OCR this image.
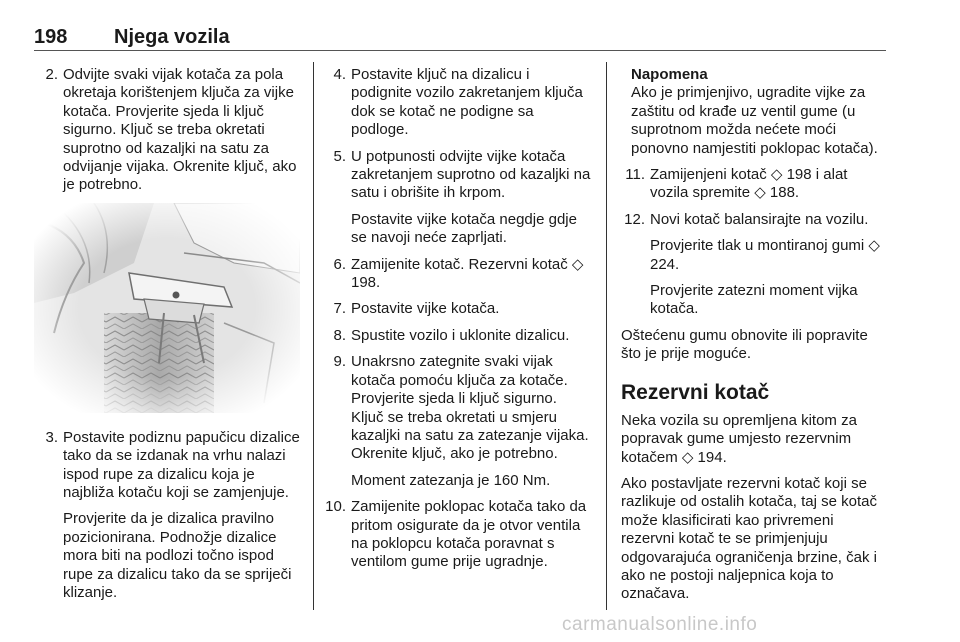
198 Njega vozila
2. Odvijte svaki vijak kotača za pola okretaja korištenjem ključa za vijke kotača. Provjerite sjeda li ključ sigurno. Ključ se treba okretati suprotno od kazaljki na satu za odvijanje vijaka. Okrenite ključ, ako je potrebno.

3. Postavite podiznu papučicu dizalice tako da se izdanak na vrhu nalazi ispod rupe za dizalicu koja je najbliža kotaču koji se zamjenjuje.

Provjerite da je dizalica pravilno pozicionirana. Podnožje dizalice mora biti na podlozi točno ispod rupe za dizalicu tako da se spriječi klizanje.

4. Postavite ključ na dizalicu i podignite vozilo zakretanjem ključa dok se kotač ne podigne sa podloge.

5. U potpunosti odvijte vijke kotača zakretanjem suprotno od kazaljki na satu i obrišite ih krpom.

Postavite vijke kotača negdje gdje se navoji neće zaprljati.

6. Zamijenite kotač. Rezervni kotač ◇ 198.

7. Postavite vijke kotača.

8. Spustite vozilo i uklonite dizalicu.

9. Unakrsno zategnite svaki vijak kotača pomoću ključa za kotače. Provjerite sjeda li ključ sigurno. Ključ se treba okretati u smjeru kazaljki na satu za zatezanje vijaka. Okrenite ključ, ako je potrebno.

Moment zatezanja je 160 Nm.

10. Zamijenite poklopac kotača tako da pritom osigurate da je otvor ventila na poklopcu kotača poravnat s ventilom gume prije ugradnje.

Napomena
Ako je primjenjivo, ugradite vijke za zaštitu od krađe uz ventil gume (u suprotnom možda nećete moći ponovno namjestiti poklopac kotača).
11. Zamijenjeni kotač ◇ 198 i alat vozila spremite ◇ 188.

12. Novi kotač balansirajte na vozilu.

Provjerite tlak u montiranoj gumi ◇ 224.

Provjerite zatezni moment vijka kotača.

Oštećenu gumu obnovite ili popravite što je prije moguće.

Rezervni kotač

Neka vozila su opremljena kitom za popravak gume umjesto rezervnim kotačem ◇ 194.

Ako postavljate rezervni kotač koji se razlikuje od ostalih kotača, taj se kotač može klasificirati kao privremeni rezervni kotač te se primjenjuju odgovarajuća ograničenja brzine, čak i ako ne postoji naljepnica koja to označava.

carmanualsonline.info
